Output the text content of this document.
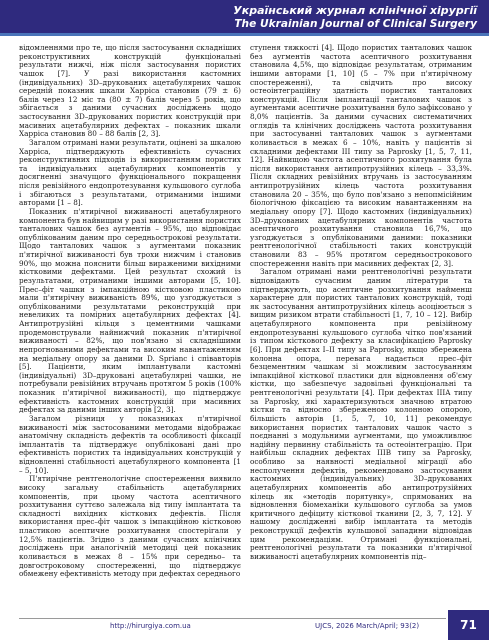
Український журнал клінічної хірургії
The Ukrainian Journal of Clinical Surgery

відомленнями про те, що після застосування складніших реконструктивних конструкцій функціональні результати нижчі, ніж після застосування пористих чашок [7]. У разі використання кастомних (індивідуальних) 3D–друкованих ацетабулярних чашок середній показник шкали Харріса становив (79 ± 6) балів через 12 міс та (80 ± 7) балів через 5 років, що збігається з даними сучасних досліджень щодо застосування 3D–друкованих пористих конструкцій при масивних ацетабулярних дефектах – показник шкали Харріса становив 80 – 88 балів [2, 3].

Загалом отримані нами результати, оцінені за шкалою Харріса, підтверджують ефективність сучасних реконструктивних підходів із використанням пористих та індивідуальних ацетабулярних компонентів у досягненні значущого функціонального покращення після ревізійного ендопротезування кульшового суглоба і збігаються з результатами, отриманими іншими авторами [1 – 8].

Показник п'ятирічної виживаності ацетабулярного компонента був найвищим у разі використання пористих танталових чашок без аугментів – 95%, що відповідає опублікованим даним про середньострокові результати. Щодо танталових чашок з аугментами показник п'ятирічної виживаності був трохи нижчим і становив 90%, що можна пояснити більш вираженими вихідними кістковими дефектами. Цей результат схожий із результатами, отриманими іншими авторами [5, 10]. Прес–фіт чашки з імпакційною кістковою пластикою мали п'ятирічну виживаність 89%, що узгоджується з опублікованими результатами реконструкцій при невеликих та помірних ацетабулярних дефектах [4]. Антипротрузійні кільця з цементними чашками продемонстрували найнижчий показник п'ятирічної виживаності – 82%, що пов'язано зі складнішими непрогнованими дефектами та високим навантаженням на медіальну опору за даними D. Sprianc і співавторів [5]. Пацієнти, яким імплантували кастомні (індивідуальні) 3D–друковані ацетабулярні чашки, не потребували ревізійних втручань протягом 5 років (100% показник п'ятирічної виживаності), що підтверджує ефективність кастомних конструкцій при масивних дефектах за даними інших авторів [2, 3].

Загалом різниця у показниках п'ятирічної виживаності між застосованими методами відображає анатомічну складність дефектів та особливості фіксації імплантатів та підтверджує опубліковані дані про ефективність пористих та індивідуальних конструкцій у відновленні стабільності ацетабулярного компонента [1 – 5, 10].

П'ятирічне рентгенологічне спостереження виявило високу загальну стабільність ацетабулярних компонентів, при цьому частота асептичного розхитування суттєво залежала від типу імплантата та складності вихідних кісткових дефектів. Після використання прес–фіт чашок з імпакційною кістковою пластикою асептичне розхитування спостерігали у 12,5% пацієнтів. Згідно з даними сучасних клінічних досліджень при аналогічній методиці цей показник коливається в межах 8 – 15% при середньо– та довгостроковому спостереженні, що підтверджує обмежену ефективність методу при дефектах середнього

ступеня тяжкості [4]. Щодо пористих танталових чашок без аугментів частота асептичного розхитування становила 4,5%, що відповідає результатам, отриманим іншими авторами [1, 10] (5 – 7% при п'ятирічному спостереженні), та свідчить про високу остеоінтеграційну здатність пористих танталових конструкцій. Після імплантації танталових чашок з аугментами асептичне розхитування було зафіксовано у 8,0% пацієнтів. За даними сучасних систематичних оглядів та клінічних досліджень частота розхитування при застосуванні танталових чашок з аугментами коливається в межах 6 – 10%, навіть у пацієнтів зі складними дефектами III типу за Paprosky [1, 5, 7, 11, 12]. Найвищою частота асептичного розхитування була після використання антипротрузійних кілець – 33,3%. Після складних ревізійних втручань із застосуванням антипротрузійних кілець частота розхитування становила 20 – 35%, що було пов'язано з непопмісійним біологічною фіксацією та високим навантаженням на медіальну опору [7]. Щодо кастомних (індивідуальних) 3D–друкованих ацетабулярних компонентів частота асептичного розхитування становила 16,7%, що узгоджується з опублікованими даними: показники рентгенологічної стабільності таких конструкцій становили 83 – 95% протягом середньострокового спостереження навіть при масивних дефектах [2, 3].

Загалом отримані нами рентгенологічні результати відповідають сучасним даним літератури та підтверджують, що асептичне розхитування найменш характерне для пористих танталових конструкцій, тоді як застосування антипротрузійних кілець асоціюється з вищим ризиком втрати стабільності [1, 7, 10 – 12]. Вибір ацетабулярного компонента при ревізійному ендопротезуванні кульшового суглоба чітко пов'язаний із типом кісткового дефекту за класифікацією Paprosky [6]. При дефектах I–II типу за Paprosky, якщо збережена колонна опора, перевага надається прес–фіт безцементним чашкам зі можливим застосуванням імпакційної кісткової пластики для відновлення об'єму кістки, що забезпечує задовільні функціональні та рентгенологічні результати [4]. При дефектах IIIA типу за Paprosky, які характеризуються значною втратою кістки та відносно збереженою колонною опорою, більшість авторів [1, 5, 7, 10, 11] рекомендує використання пористих танталових чашок часто з поєднанні з модульними аугментами, що уможливлює надійну первинну стабільність та остеоінтеграцію. При найбільш складних дефектах IIIB типу за Paprosky, особливо за наявності медіальної міграції або несполучення дефектів, рекомендовано застосування кастомних (індивідуальних) 3D–друкованих ацетабулярних компонентів або антипротрузійних кілець як «методів порятунку», спрямованих на відновлення біомеханіки кульшового суглоба за умов критичного дефіциту кісткової тканини [2, 3, 7, 12]. У нашому дослідженні вибір імплантата та методів реконструкції дефектів кульшової западини відповідав цим рекомендаціям. Отримані функціональні, рентгенологічні результати та показники п'ятирічної виживаності ацетабулярних компонентів під–

http://hirurgiya.com.ua	UJCS, 2026 March/April; 93(2)	71
